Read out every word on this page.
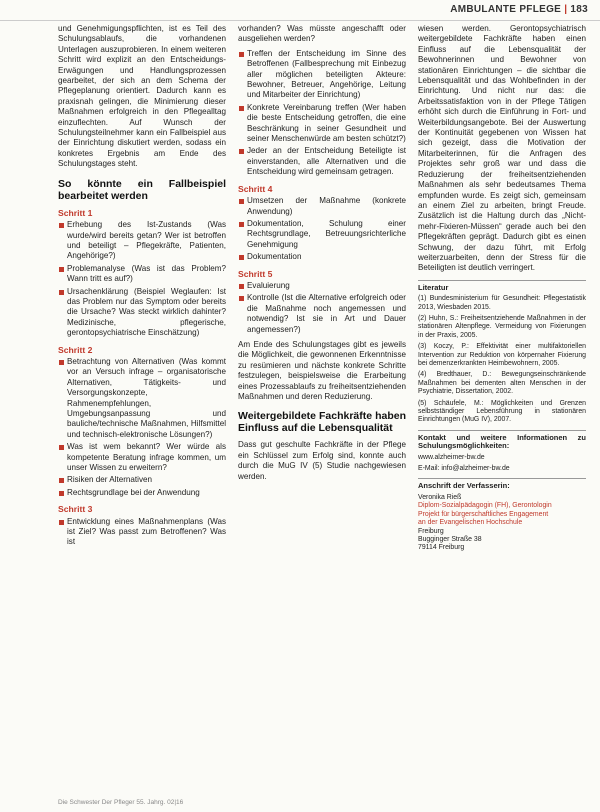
AMBULANTE PFLEGE | 183

und Genehmigungspflichten, ist es Teil des Schulungsablaufs, die vorhandenen Unterlagen auszuprobieren. In einem weiteren Schritt wird explizit an den Entscheidungs-Erwägungen und Handlungsprozessen gearbeitet, der sich an dem Schema der Pflegeplanung orientiert. Dadurch kann es praxisnah gelingen, die Minimierung dieser Maßnahmen erfolgreich in den Pflegealltag einzuflechten. Auf Wunsch der Schulungsteilnehmer kann ein Fallbeispiel aus der Einrichtung diskutiert werden, sodass ein konkretes Ergebnis am Ende des Schulungstages steht.

So könnte ein Fallbeispiel bearbeitet werden
Schritt 1
Erhebung des Ist-Zustands (Was wurde/wird bereits getan? Wer ist betroffen und beteiligt – Pflegekräfte, Patienten, Angehörige?)
Problemanalyse (Was ist das Problem? Wann tritt es auf?)
Ursachenklärung (Beispiel Weglaufen: Ist das Problem nur das Symptom oder bereits die Ursache? Was steckt wirklich dahinter? Medizinische, pflegerische, gerontopsychiatrische Einschätzung)
Schritt 2
Betrachtung von Alternativen (Was kommt vor an Versuch infrage – organisatorische Alternativen, Tätigkeits- und Versorgungskonzepte, Rahmenempfehlungen, Umgebungsanpassung und bauliche/technische Maßnahmen, Hilfsmittel und technisch-elektronische Lösungen?)
Was ist wem bekannt? Wer würde als kompetente Beratung infrage kommen, um unser Wissen zu erweitern?
Risiken der Alternativen
Rechtsgrundlage bei der Anwendung
Schritt 3
Entwicklung eines Maßnahmenplans (Was ist Ziel? Was passt zum Betroffenen? Was ist

vorhanden? Was müsste angeschafft oder ausgeliehen werden?

Treffen der Entscheidung im Sinne des Betroffenen (Fallbesprechung mit Einbezug aller möglichen beteiligten Akteure: Bewohner, Betreuer, Angehörige, Leitung und Mitarbeiter der Einrichtung)
Konkrete Vereinbarung treffen (Wer haben die beste Entscheidung getroffen, die eine Beschränkung in seiner Gesundheit und seiner Menschenwürde am besten schützt?)
Jeder an der Entscheidung Beteiligte ist einverstanden, alle Alternativen und die Entscheidung wird gemeinsam getragen.
Schritt 4
Umsetzen der Maßnahme (konkrete Anwendung)
Dokumentation, Schulung einer Rechtsgrundlage, Betreuungsrichterliche Genehmigung
Dokumentation
Schritt 5
Evaluierung
Kontrolle (Ist die Alternative erfolgreich oder die Maßnahme noch angemessen und notwendig? Ist sie in Art und Dauer angemessen?)

Am Ende des Schulungstages gibt es jeweils die Möglichkeit, die gewonnenen Erkenntnisse zu resümieren und nächste konkrete Schritte festzulegen, beispielsweise die Erarbeitung eines Prozessablaufs zu freiheitsentziehenden Maßnahmen und deren Reduzierung.

Weitergebildete Fachkräfte haben Einfluss auf die Lebensqualität

Dass gut geschulte Fachkräfte in der Pflege ein Schlüssel zum Erfolg sind, konnte auch durch die MuG IV (5) Studie nachgewiesen werden.

wiesen werden. Gerontopsychiatrisch weitergebildete Fachkräfte haben einen Einfluss auf die Lebensqualität der Bewohnerinnen und Bewohner von stationären Einrichtungen – die sichtbar die Lebensqualität und das Wohlbefinden in der Einrichtung. Und nicht nur das: die Arbeitssatisfaktion von in der Pflege Tätigen erhöht sich durch die Einführung in Fort- und Weiterbildungsangebote. Bei der Auswertung der Kontinuität gegebenen von Wissen hat sich gezeigt, dass die Motivation der Mitarbeiterinnen, für die Anfragen des Projektes sehr groß war und dass die Reduzierung der freiheitsentziehenden Maßnahmen als sehr bedeutsames Thema empfunden wurde. Es zeigt sich, gemeinsam an einem Ziel zu arbeiten, bringt Freude. Zusätzlich ist die Haltung durch das „Nicht-mehr-Fixieren-Müssen“ gerade auch bei den Pflegekräften geprägt. Dadurch gibt es einen Schwung, der dazu führt, mit Erfolg weiterzuarbeiten, denn der Stress für die Beteiligten ist deutlich verringert.

Literatur

(1) Bundesministerium für Gesundheit: Pflegestatistik 2013, Wiesbaden 2015.

(2) Huhn, S.: Freiheitsentziehende Maßnahmen in der stationären Altenpflege. Vermeidung von Fixierungen in der Praxis, 2005.

(3) Koczy, P.: Effektivität einer multifaktoriellen Intervention zur Reduktion von körpernaher Fixierung bei demenzerkrankten Heimbewohnern, 2005.

(4) Bredthauer, D.: Bewegungseinschränkende Maßnahmen bei dementen alten Menschen in der Psychiatrie, Dissertation, 2002.

(5) Schäufele, M.: Möglichkeiten und Grenzen selbstständiger Lebensführung in stationären Einrichtungen (MuG IV), 2007.

Kontakt und weitere Informationen zu Schulungsmöglichkeiten:

www.alzheimer-bw.de

E-Mail: info@alzheimer-bw.de

Anschrift der Verfasserin:

Veronika Rieß

Diplom-Sozialpädagogin (FH), Gerontologin

Projekt für bürgerschaftliches Engagement

an der Evangelischen Hochschule

Freiburg

Bugginger Straße 38

79114 Freiburg

Die Schwester Der Pfleger 55. Jahrg. 02|16
